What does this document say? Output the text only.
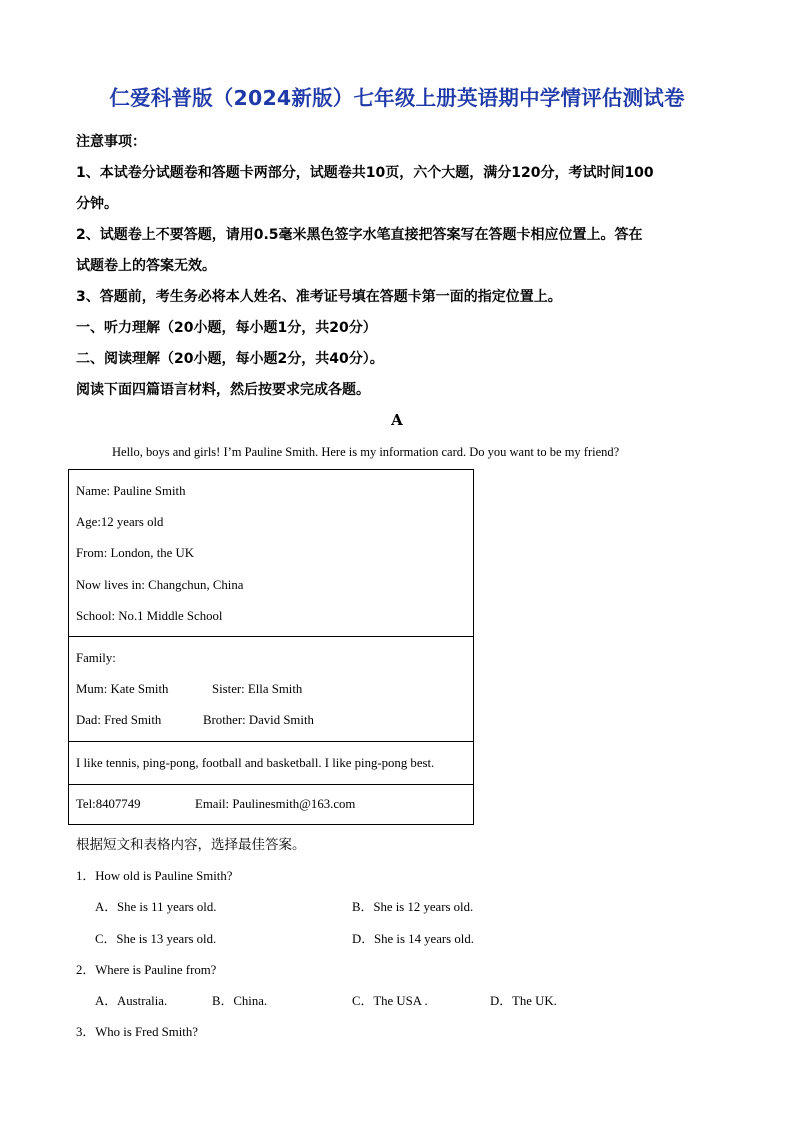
仁爱科普版（2024新版）七年级上册英语期中学情评估测试卷

注意事项：

1、本试卷分试题卷和答题卡两部分，试题卷共10页，六个大题，满分120分，考试时间100

分钟。

2、试题卷上不要答题，请用0.5毫米黑色签字水笔直接把答案写在答题卡相应位置上。答在

试题卷上的答案无效。

3、答题前，考生务必将本人姓名、准考证号填在答题卡第一面的指定位置上。

一、听力理解（20小题，每小题1分，共20分）

二、阅读理解（20小题，每小题2分，共40分）。

阅读下面四篇语言材料，然后按要求完成各题。

A
Hello, boys and girls! I’m Pauline Smith. Here is my information card. Do you want to be my friend?
Name: Pauline Smith
Age:12 years old
From: London, the UK
Now lives in: Changchun, China
School: No.1 Middle School
Family:
Mum: Kate Smith	Sister: Ella Smith
Dad: Fred Smith	Brother: David Smith
I like tennis, ping-pong, football and basketball. I like ping-pong best.
Tel:8407749	Email: Paulinesmith@163.com
根据短文和表格内容，选择最佳答案。
1．How old is Pauline Smith?
A．She is 11 years old.	B．She is 12 years old.
C．She is 13 years old.	D．She is 14 years old.
2．Where is Pauline from?
A．Australia.	B．China.	C．The USA .	D．The UK.
3．Who is Fred Smith?
